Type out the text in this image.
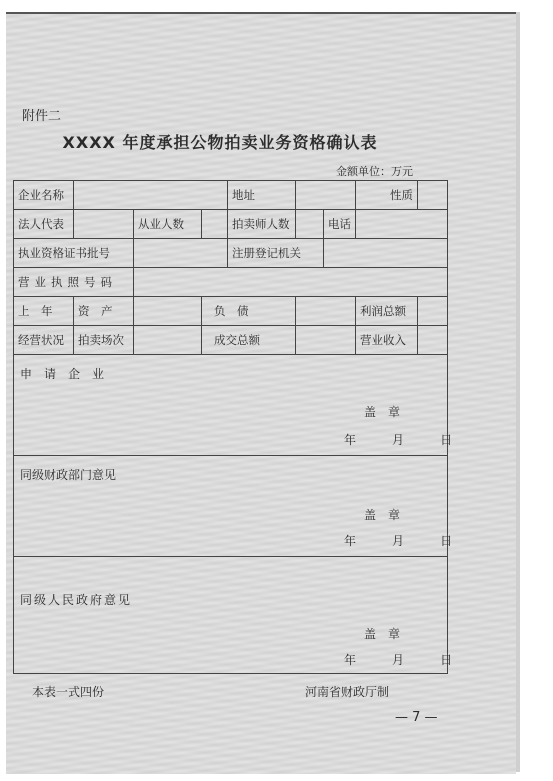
附件二
XXXX 年度承担公物拍卖业务资格确认表
金额单位：万元
企业名称				地址			性质	
法人代表		从业人数		拍卖师人数		电话		
执业资格证书批号				注册登记机关				
营业执照号码								
上　年	资　产		负　债				利润总额	
经营状况	拍卖场次		成交总额				营业收入	

申　请　企　业
盖　章
年　　　 月　　　 日								

同级财政部门意见
盖　章
年　　　 月　　　 日								

同级人民政府意见
盖　章
年　　　 月　　　 日								
本表一式四份	河南省财政厅制
— 7 —
